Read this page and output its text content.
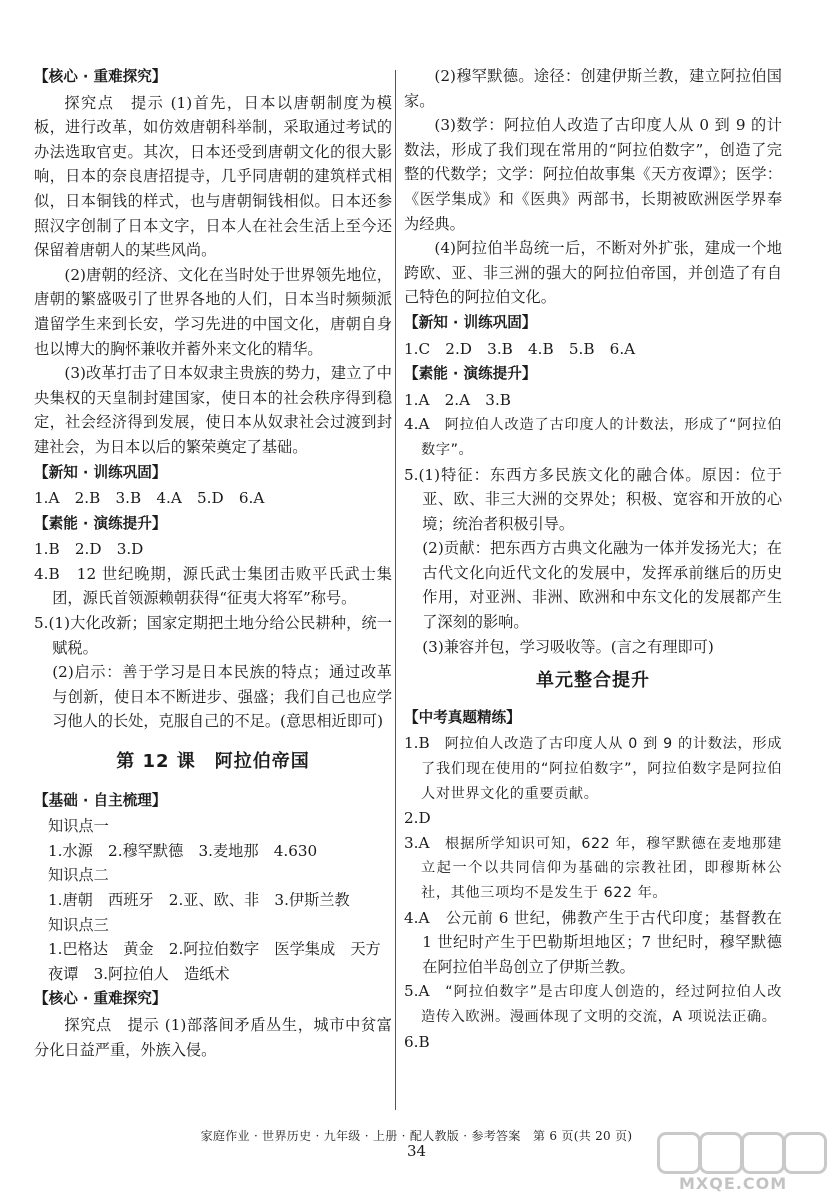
【核心 · 重难探究】

探究点　提示 (1)首先，日本以唐朝制度为模板，进行改革，如仿效唐朝科举制，采取通过考试的办法选取官吏。其次，日本还受到唐朝文化的很大影响，日本的奈良唐招提寺，几乎同唐朝的建筑样式相似，日本铜钱的样式，也与唐朝铜钱相似。日本还参照汉字创制了日本文字，日本人在社会生活上至今还保留着唐朝人的某些风尚。

(2)唐朝的经济、文化在当时处于世界领先地位，唐朝的繁盛吸引了世界各地的人们，日本当时频频派遣留学生来到长安，学习先进的中国文化，唐朝自身也以博大的胸怀兼收并蓄外来文化的精华。

(3)改革打击了日本奴隶主贵族的势力，建立了中央集权的天皇制封建国家，使日本的社会秩序得到稳定，社会经济得到发展，使日本从奴隶社会过渡到封建社会，为日本以后的繁荣奠定了基础。

【新知 · 训练巩固】

1.A　2.B　3.B　4.A　5.D　6.A

【素能 · 演练提升】

1.B　2.D　3.D

4.B　12 世纪晚期，源氏武士集团击败平氏武士集团，源氏首领源赖朝获得“征夷大将军”称号。

5.(1)大化改新；国家定期把土地分给公民耕种，统一赋税。

(2)启示：善于学习是日本民族的特点；通过改革与创新，使日本不断进步、强盛；我们自己也应学习他人的长处，克服自己的不足。(意思相近即可)

第 12 课　阿拉伯帝国
【基础 · 自主梳理】

知识点一

1.水源　2.穆罕默德　3.麦地那　4.630

知识点二

1.唐朝　西班牙　2.亚、欧、非　3.伊斯兰教

知识点三

1.巴格达　黄金　2.阿拉伯数字　医学集成　天方夜谭　3.阿拉伯人　造纸术

【核心 · 重难探究】

探究点　提示 (1)部落间矛盾丛生，城市中贫富分化日益严重，外族入侵。

(2)穆罕默德。途径：创建伊斯兰教，建立阿拉伯国家。

(3)数学：阿拉伯人改造了古印度人从 0 到 9 的计数法，形成了我们现在常用的“阿拉伯数字”，创造了完整的代数学；文学：阿拉伯故事集《天方夜谭》；医学：《医学集成》和《医典》两部书，长期被欧洲医学界奉为经典。

(4)阿拉伯半岛统一后，不断对外扩张，建成一个地跨欧、亚、非三洲的强大的阿拉伯帝国，并创造了有自己特色的阿拉伯文化。

【新知 · 训练巩固】

1.C　2.D　3.B　4.B　5.B　6.A

【素能 · 演练提升】

1.A　2.A　3.B

4.A　 阿拉伯人改造了古印度人的计数法，形成了“阿拉伯数字”。

5.(1)特征：东西方多民族文化的融合体。原因：位于亚、欧、非三大洲的交界处；积极、宽容和开放的心境；统治者积极引导。

(2)贡献：把东西方古典文化融为一体并发扬光大；在古代文化向近代文化的发展中，发挥承前继后的历史作用，对亚洲、非洲、欧洲和中东文化的发展都产生了深刻的影响。

(3)兼容并包，学习吸收等。(言之有理即可)

单元整合提升
【中考真题精练】

1.B　 阿拉伯人改造了古印度人从 0 到 9 的计数法，形成了我们现在使用的“阿拉伯数字”，阿拉伯数字是阿拉伯人对世界文化的重要贡献。

2.D

3.A　 根据所学知识可知，622 年，穆罕默德在麦地那建立起一个以共同信仰为基础的宗教社团，即穆斯林公社，其他三项均不是发生于 622 年。

4.A　 公元前 6 世纪，佛教产生于古代印度；基督教在 1 世纪时产生于巴勒斯坦地区；7 世纪时，穆罕默德在阿拉伯半岛创立了伊斯兰教。

5.A　 “阿拉伯数字”是古印度人创造的，经过阿拉伯人改造传入欧洲。漫画体现了文明的交流，A 项说法正确。

6.B

家庭作业 · 世界历史 · 九年级 · 上册 · 配人教版 · 参考答案　第 6 页(共 20 页)
34
MXQE.COM
